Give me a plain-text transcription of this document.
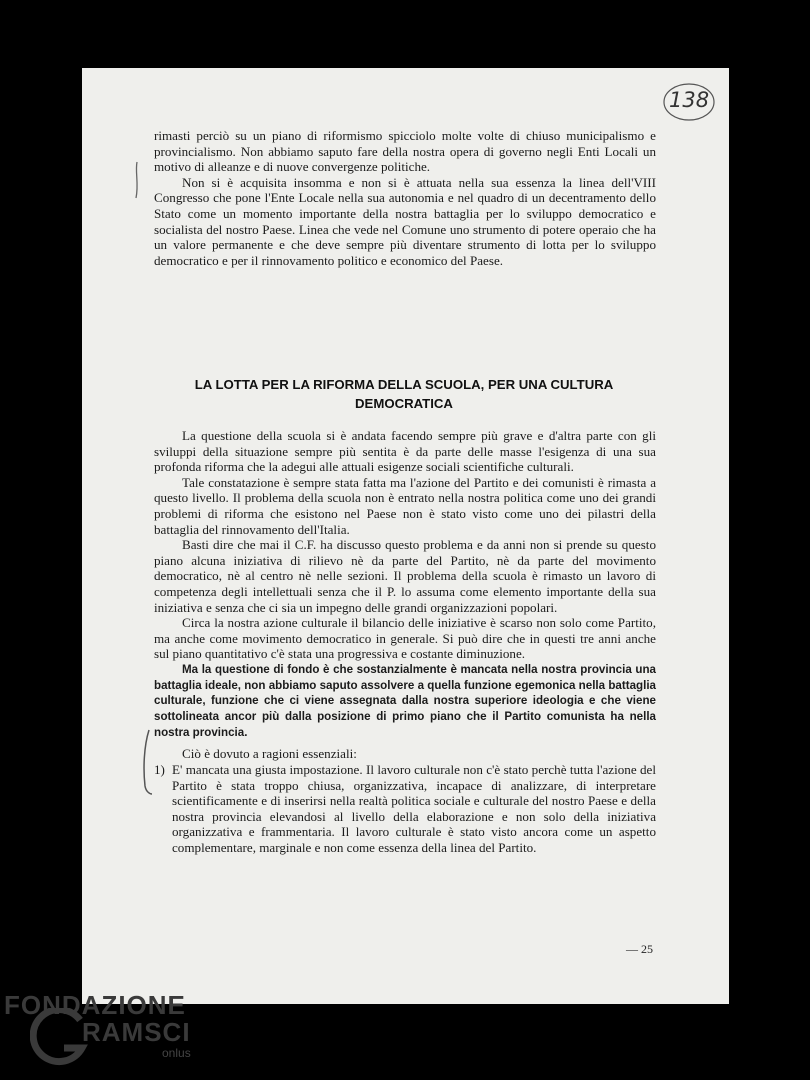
138

rimasti perciò su un piano di riformismo spicciolo molte volte di chiuso municipalismo e provincialismo. Non abbiamo saputo fare della nostra opera di governo negli Enti Locali un motivo di alleanze e di nuove convergenze politiche.

Non si è acquisita insomma e non si è attuata nella sua essenza la linea dell'VIII Congresso che pone l'Ente Locale nella sua autonomia e nel quadro di un decentramento dello Stato come un momento importante della nostra battaglia per lo sviluppo democratico e socialista del nostro Paese. Linea che vede nel Comune uno strumento di potere operaio che ha un valore permanente e che deve sempre più diventare strumento di lotta per lo sviluppo democratico e per il rinnovamento politico e economico del Paese.

LA LOTTA PER LA RIFORMA DELLA SCUOLA, PER UNA CULTURA
DEMOCRATICA

La questione della scuola si è andata facendo sempre più grave e d'altra parte con gli sviluppi della situazione sempre più sentita è da parte delle masse l'esigenza di una sua profonda riforma che la adegui alle attuali esigenze sociali scientifiche culturali.

Tale constatazione è sempre stata fatta ma l'azione del Partito e dei comunisti è rimasta a questo livello. Il problema della scuola non è entrato nella nostra politica come uno dei grandi problemi di riforma che esistono nel Paese non è stato visto come uno dei pilastri della battaglia del rinnovamento dell'Italia.

Basti dire che mai il C.F. ha discusso questo problema e da anni non si prende su questo piano alcuna iniziativa di rilievo nè da parte del Partito, nè da parte del movimento democratico, nè al centro nè nelle sezioni. Il problema della scuola è rimasto un lavoro di competenza degli intellettuali senza che il P. lo assuma come elemento importante della sua iniziativa e senza che ci sia un impegno delle grandi organizzazioni popolari.

Circa la nostra azione culturale il bilancio delle iniziative è scarso non solo come Partito, ma anche come movimento democratico in generale. Si può dire che in questi tre anni anche sul piano quantitativo c'è stata una progressiva e costante diminuzione.

Ma la questione di fondo è che sostanzialmente è mancata nella nostra provincia una battaglia ideale, non abbiamo saputo assolvere a quella funzione egemonica nella battaglia culturale, funzione che ci viene assegnata dalla nostra superiore ideologia e che viene sottolineata ancor più dalla posizione di primo piano che il Partito comunista ha nella nostra provincia.

Ciò è dovuto a ragioni essenziali:

1) E' mancata una giusta impostazione. Il lavoro culturale non c'è stato perchè tutta l'azione del Partito è stata troppo chiusa, organizzativa, incapace di analizzare, di interpretare scientificamente e di inserirsi nella realtà politica sociale e culturale del nostro Paese e della nostra provincia elevandosi al livello della elaborazione e non solo della iniziativa organizzativa e frammentaria. Il lavoro culturale è stato visto ancora come un aspetto complementare, marginale e non come essenza della linea del Partito.

— 25
FONDAZIONE
RAMSCI
onlus
